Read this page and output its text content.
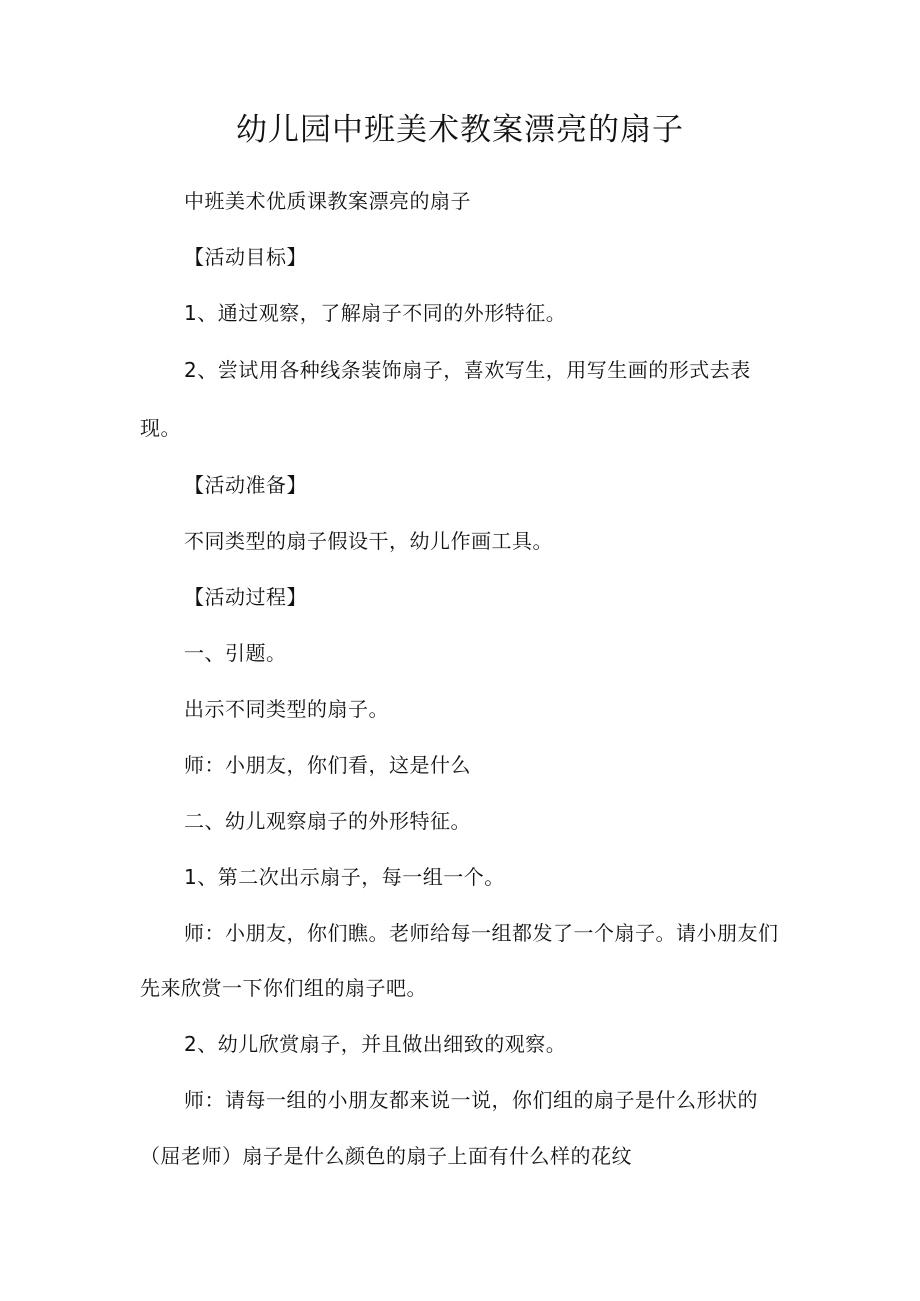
幼儿园中班美术教案漂亮的扇子

中班美术优质课教案漂亮的扇子

【活动目标】

1、通过观察，了解扇子不同的外形特征。

2、尝试用各种线条装饰扇子，喜欢写生，用写生画的形式去表

现。

【活动准备】

不同类型的扇子假设干，幼儿作画工具。

【活动过程】

一、引题。

出示不同类型的扇子。

师：小朋友，你们看，这是什么

二、幼儿观察扇子的外形特征。

1、第二次出示扇子，每一组一个。

师：小朋友，你们瞧。老师给每一组都发了一个扇子。请小朋友们

先来欣赏一下你们组的扇子吧。

2、幼儿欣赏扇子，并且做出细致的观察。

师：请每一组的小朋友都来说一说，你们组的扇子是什么形状的

（屈老师）扇子是什么颜色的扇子上面有什么样的花纹
